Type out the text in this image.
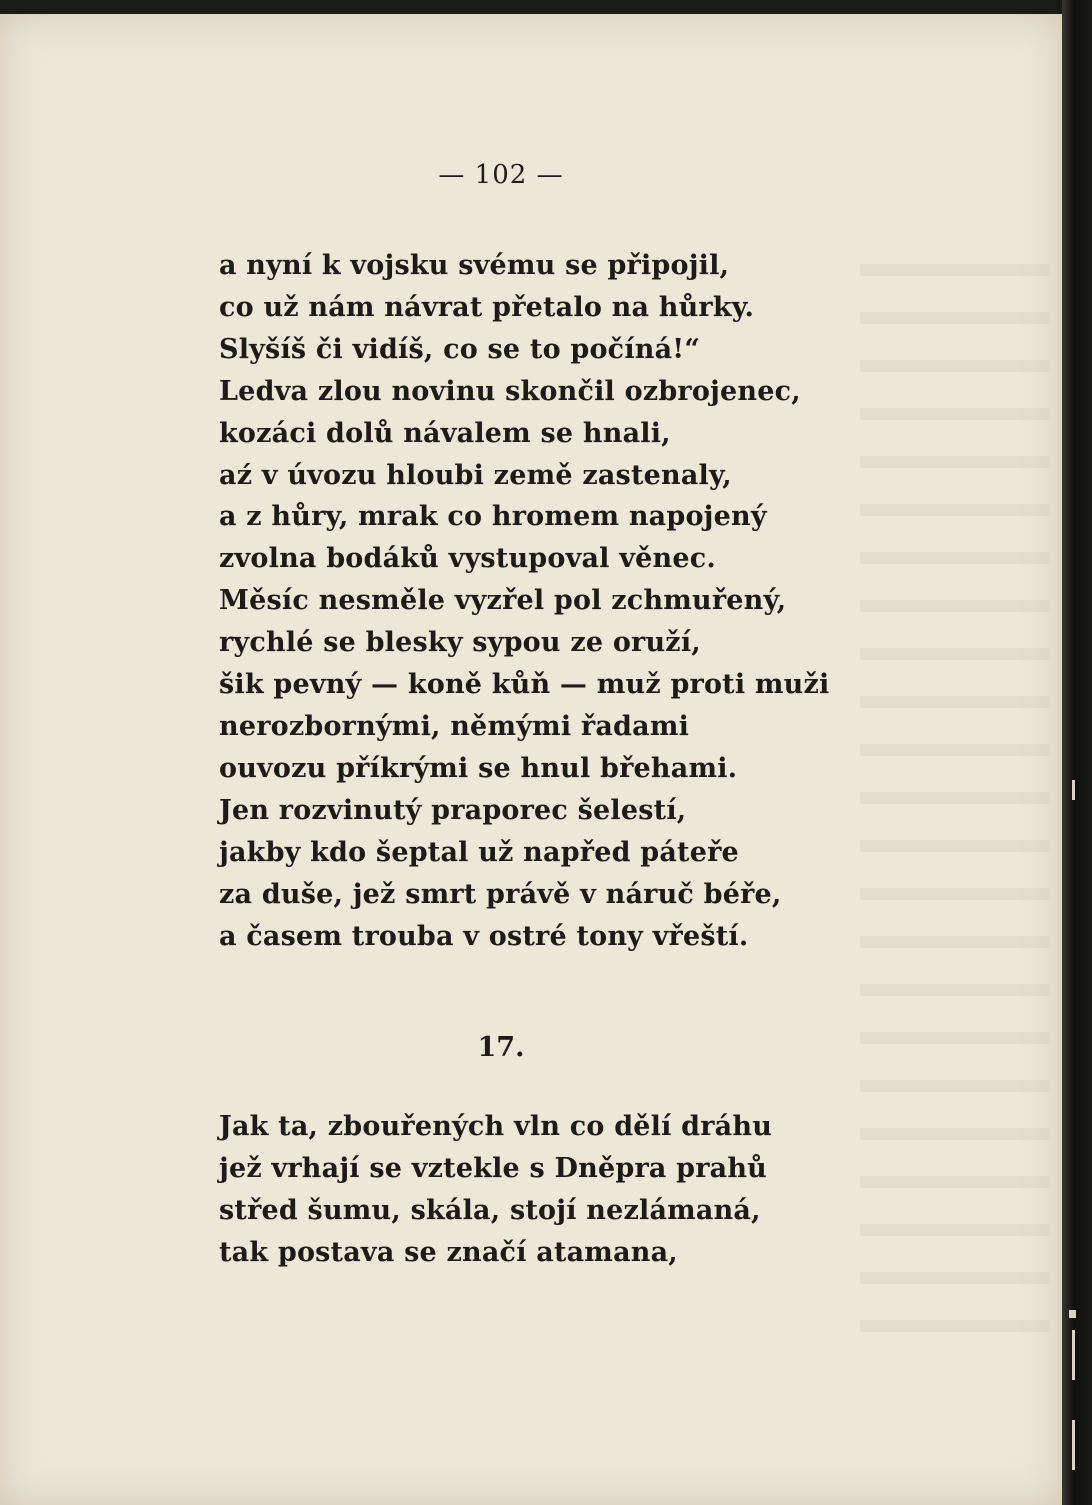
— 102 —
a nyní k vojsku svému se připojil,
co už nám návrat přetalo na hůrky.
Slyšíš či vidíš, co se to počíná!“
Ledva zlou novinu skončil ozbrojenec,
kozáci dolů návalem se hnali,
aź v úvozu hloubi země zastenaly,
a z hůry, mrak co hromem napojený
zvolna bodáků vystupoval věnec.
Měsíc nesměle vyzřel pol zchmuřený,
rychlé se blesky sypou ze oruží,
šik pevný — koně kůň — muž proti muži
nerozbornými, němými řadami
ouvozu příkrými se hnul břehami.
Jen rozvinutý praporec šelestí,
jakby kdo šeptal už napřed páteře
za duše, jež smrt právě v náruč béře,
a časem trouba v ostré tony vřeští.
17.
Jak ta, zbouřených vln co dělí dráhu
jež vrhají se vztekle s Dněpra prahů
střed šumu, skála, stojí nezlámaná,
tak postava se značí atamana,
